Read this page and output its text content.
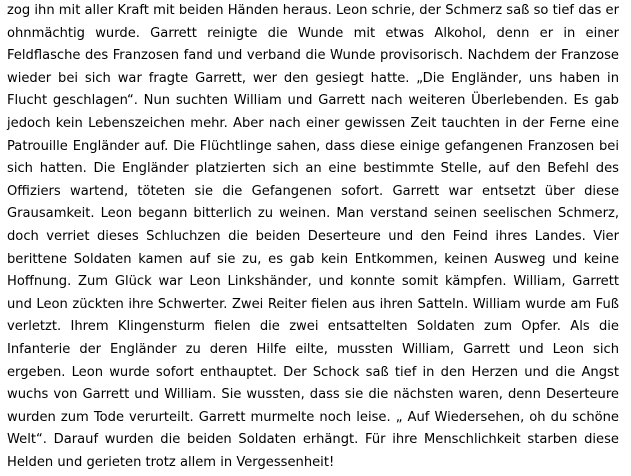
zog ihn mit aller Kraft mit beiden Händen heraus. Leon schrie, der Schmerz saß so tief das er
ohnmächtig wurde. Garrett reinigte die Wunde mit etwas Alkohol, denn er in einer
Feldflasche des Franzosen fand und verband die Wunde provisorisch. Nachdem der Franzose
wieder bei sich war fragte Garrett, wer den gesiegt hatte. „Die Engländer, uns haben in
Flucht geschlagen“. Nun suchten William und Garrett nach weiteren Überlebenden. Es gab
jedoch kein Lebenszeichen mehr. Aber nach einer gewissen Zeit tauchten in der Ferne eine
Patrouille Engländer auf. Die Flüchtlinge sahen, dass diese einige gefangenen Franzosen bei
sich hatten. Die Engländer platzierten sich an eine bestimmte Stelle, auf den Befehl des
Offiziers wartend, töteten sie die Gefangenen sofort. Garrett war entsetzt über diese
Grausamkeit. Leon begann bitterlich zu weinen. Man verstand seinen seelischen Schmerz,
doch verriet dieses Schluchzen die beiden Deserteure und den Feind ihres Landes. Vier
berittene Soldaten kamen auf sie zu, es gab kein Entkommen, keinen Ausweg und keine
Hoffnung. Zum Glück war Leon Linkshänder, und konnte somit kämpfen. William, Garrett
und Leon zückten ihre Schwerter. Zwei Reiter fielen aus ihren Satteln. William wurde am Fuß
verletzt. Ihrem Klingensturm fielen die zwei entsattelten Soldaten zum Opfer. Als die
Infanterie der Engländer zu deren Hilfe eilte, mussten William, Garrett und Leon sich
ergeben. Leon wurde sofort enthauptet. Der Schock saß tief in den Herzen und die Angst
wuchs von Garrett und William. Sie wussten, dass sie die nächsten waren, denn Deserteure
wurden zum Tode verurteilt. Garrett murmelte noch leise. „ Auf Wiedersehen, oh du schöne
Welt“. Darauf wurden die beiden Soldaten erhängt. Für ihre Menschlichkeit starben diese
Helden und gerieten trotz allem in Vergessenheit!
